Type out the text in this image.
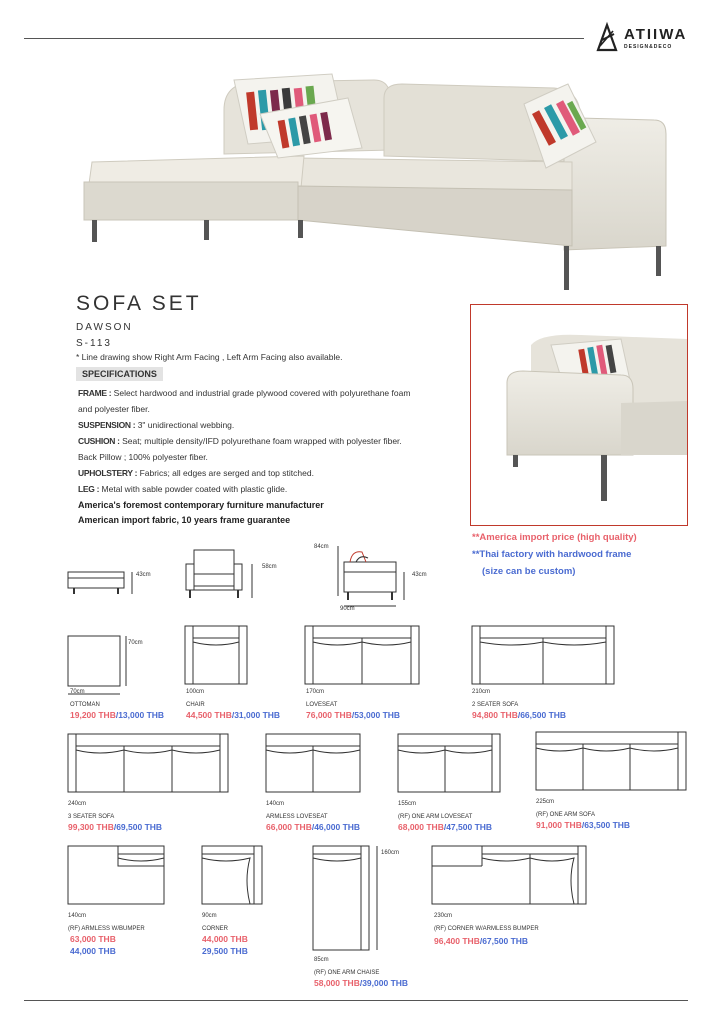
ATIIWA
DESIGN&DECO
SOFA SET
DAWSON
S-113
* Line drawing show Right Arm Facing , Left Arm Facing also available.
SPECIFICATIONS
FRAME : Select hardwood and industrial grade plywood covered with polyurethane foam
and polyester fiber.
SUSPENSION : 3" unidirectional webbing.
CUSHION : Seat; multiple density/IFD polyurethane foam wrapped with polyester fiber.
Back Pillow ; 100% polyester fiber.
UPHOLSTERY : Fabrics; all edges are serged and top stitched.
LEG : Metal with sable powder coated with plastic glide.
America's foremost contemporary furniture manufacturer
American import fabric, 10 years frame guarantee
**America import price (high quality)
**Thai factory with hardwood frame
(size can be custom)
43cm
58cm
84cm
43cm
90cm
70cm
70cm
OTTOMAN
19,200 THB/13,000 THB
100cm
CHAIR
44,500 THB/31,000 THB
170cm
LOVESEAT
76,000 THB/53,000 THB
210cm
2 SEATER SOFA
94,800 THB/66,500 THB
240cm
3 SEATER SOFA
99,300 THB/69,500 THB
140cm
ARMLESS LOVESEAT
66,000 THB/46,000 THB
155cm
(RF) ONE ARM LOVESEAT
68,000 THB/47,500 THB
225cm
(RF) ONE ARM SOFA
91,000 THB/63,500 THB
140cm
(RF) ARMLESS W/BUMPER
63,000 THB
44,000 THB
90cm
CORNER
44,000 THB
29,500 THB
160cm
85cm
(RF) ONE ARM CHAISE
58,000 THB/39,000 THB
230cm
(RF) CORNER W/ARMLESS BUMPER
96,400 THB/67,500 THB
